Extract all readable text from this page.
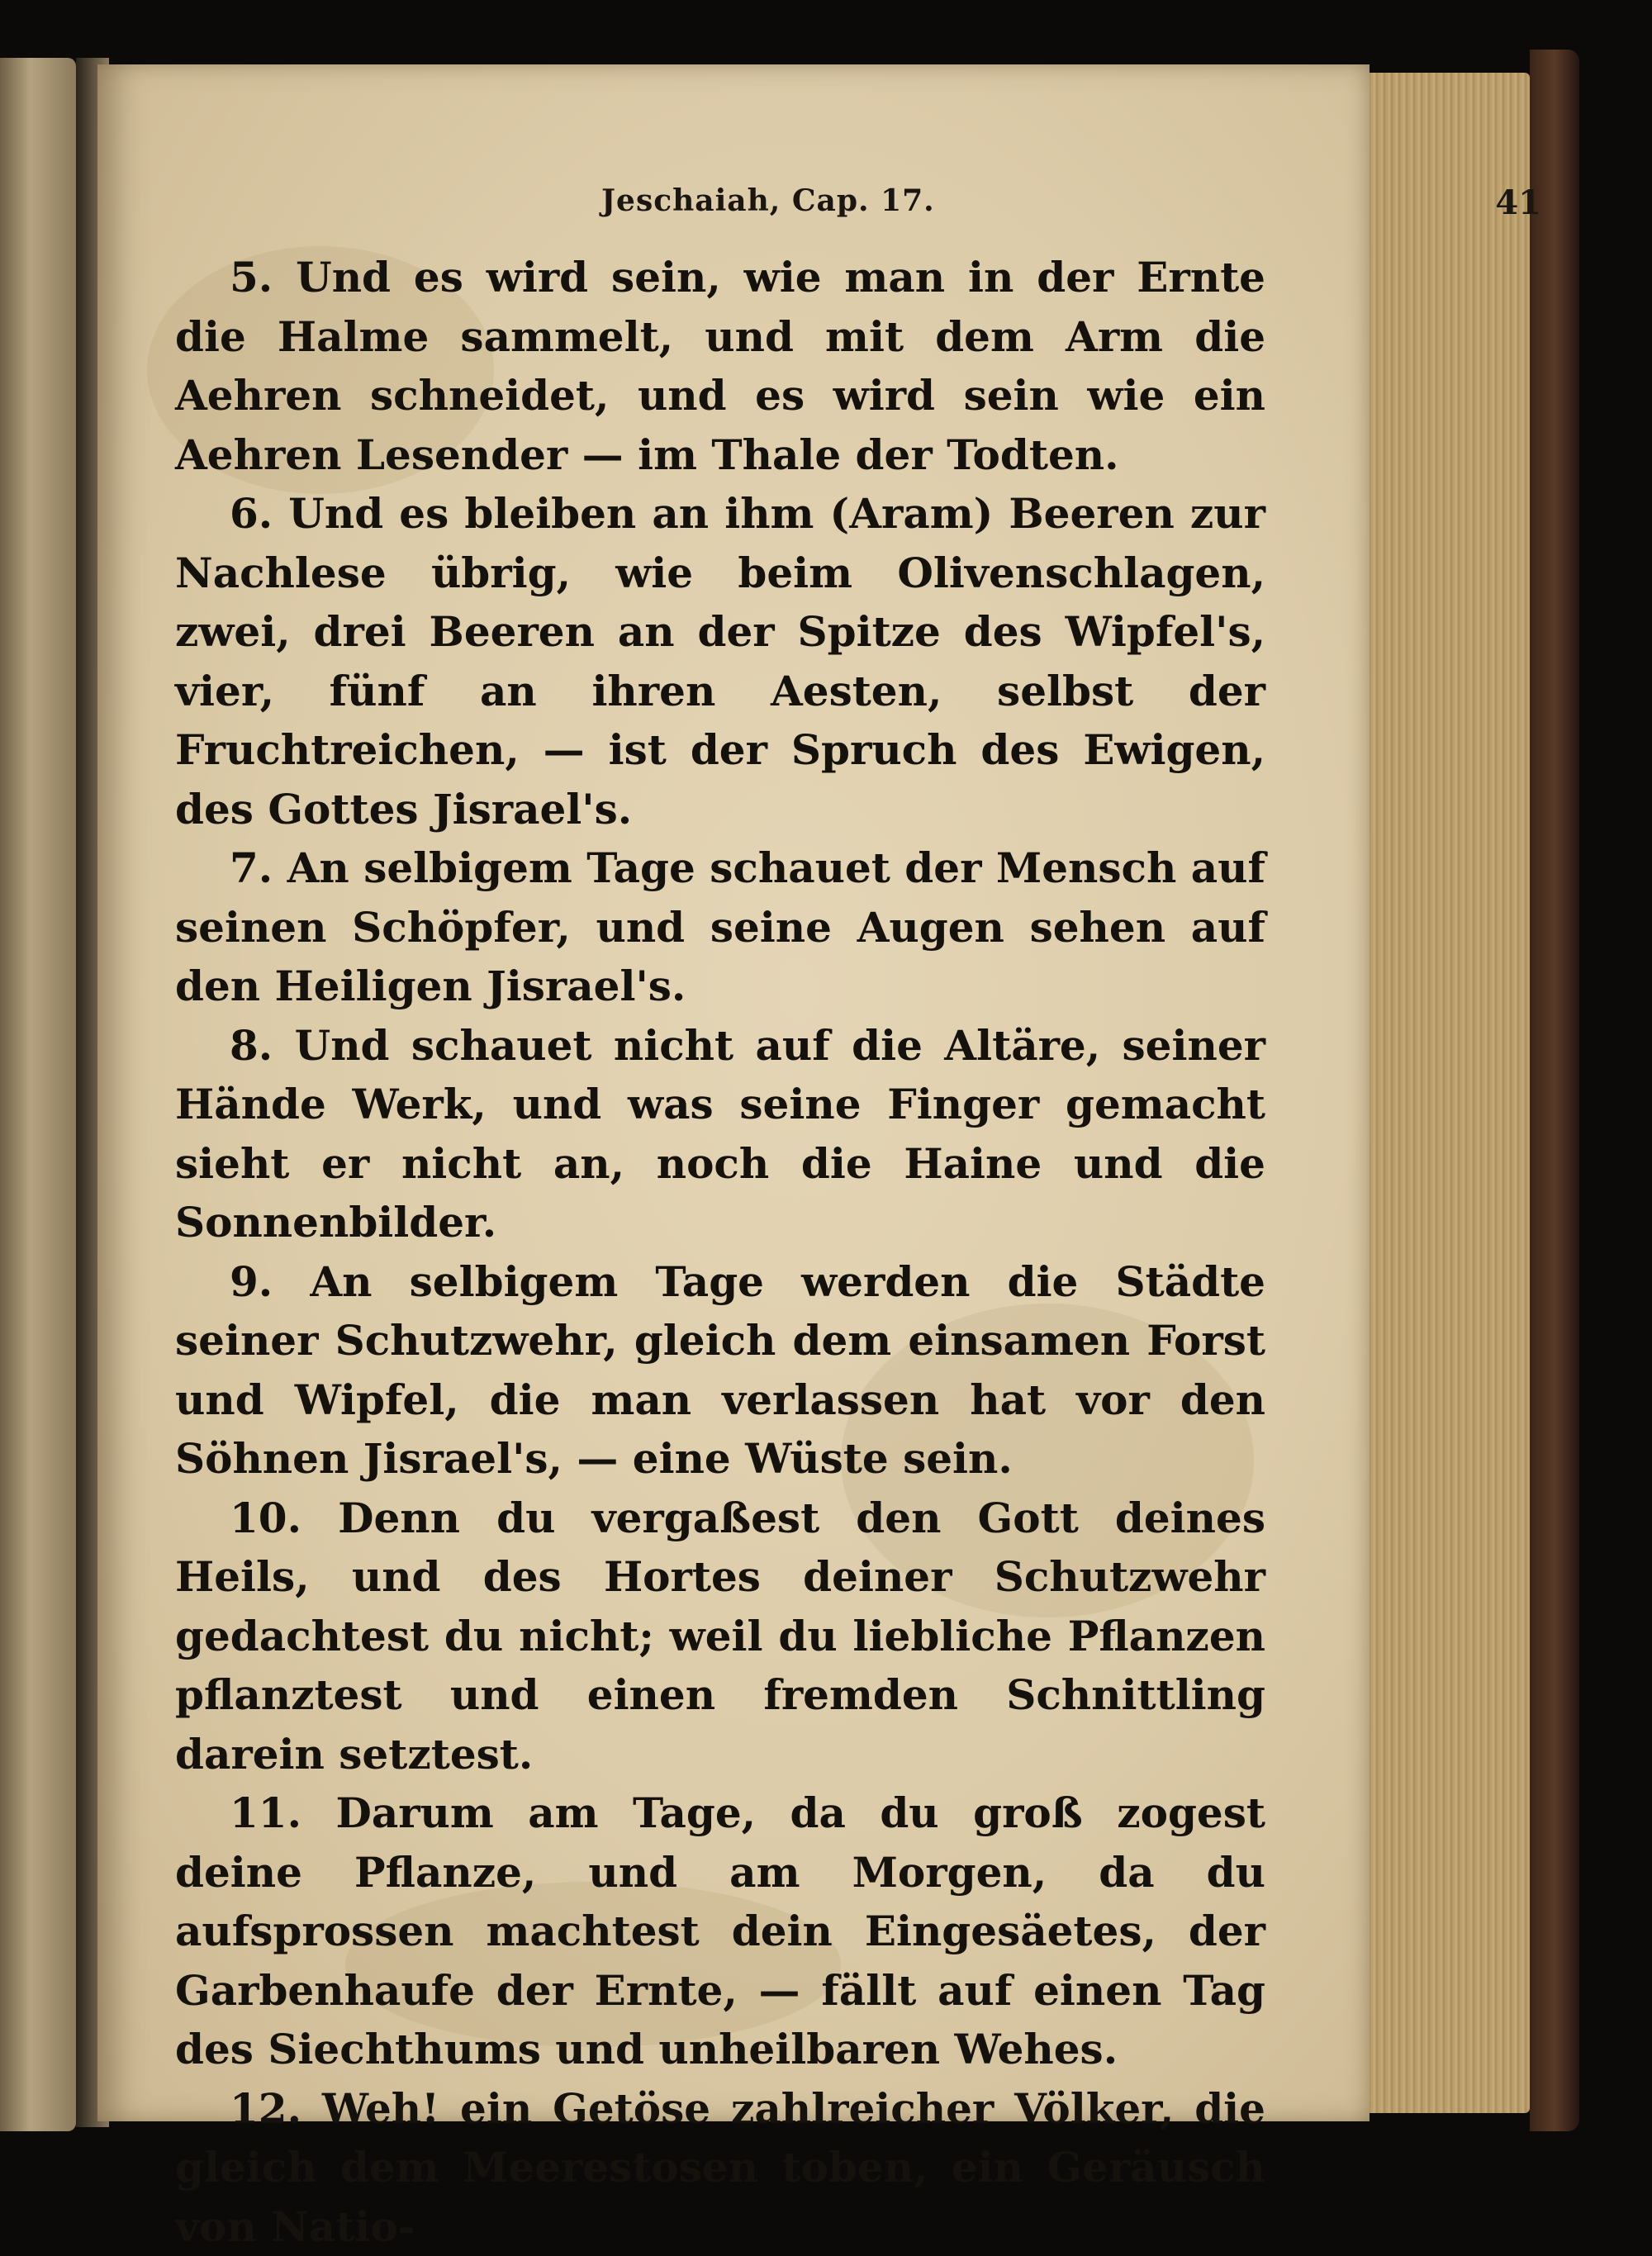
Jeschaiah, Cap. 17.	41

5. Und es wird sein, wie man in der Ernte die Halme sammelt, und mit dem Arm die Aehren schneidet, und es wird sein wie ein Aehren Lesender — im Thale der Todten.

6. Und es bleiben an ihm (Aram) Beeren zur Nachlese übrig, wie beim Olivenschlagen, zwei, drei Beeren an der Spitze des Wipfel's, vier, fünf an ihren Aesten, selbst der Fruchtreichen, — ist der Spruch des Ewigen, des Gottes Jisrael's.

7. An selbigem Tage schauet der Mensch auf seinen Schöpfer, und seine Augen sehen auf den Heiligen Jisrael's.

8. Und schauet nicht auf die Altäre, seiner Hände Werk, und was seine Finger gemacht sieht er nicht an, noch die Haine und die Sonnenbilder.

9. An selbigem Tage werden die Städte seiner Schutzwehr, gleich dem einsamen Forst und Wipfel, die man verlassen hat vor den Söhnen Jisrael's, — eine Wüste sein.

10. Denn du vergaßest den Gott deines Heils, und des Hortes deiner Schutzwehr gedachtest du nicht; weil du liebliche Pflanzen pflanztest und einen fremden Schnittling darein setztest.

11. Darum am Tage, da du groß zogest deine Pflanze, und am Morgen, da du aufsprossen machtest dein Eingesäetes, der Garbenhaufe der Ernte, — fällt auf einen Tag des Siechthums und unheilbaren Wehes.

12. Weh! ein Getöse zahlreicher Völker, die gleich dem Meerestosen toben, ein Geräusch von Natio-
